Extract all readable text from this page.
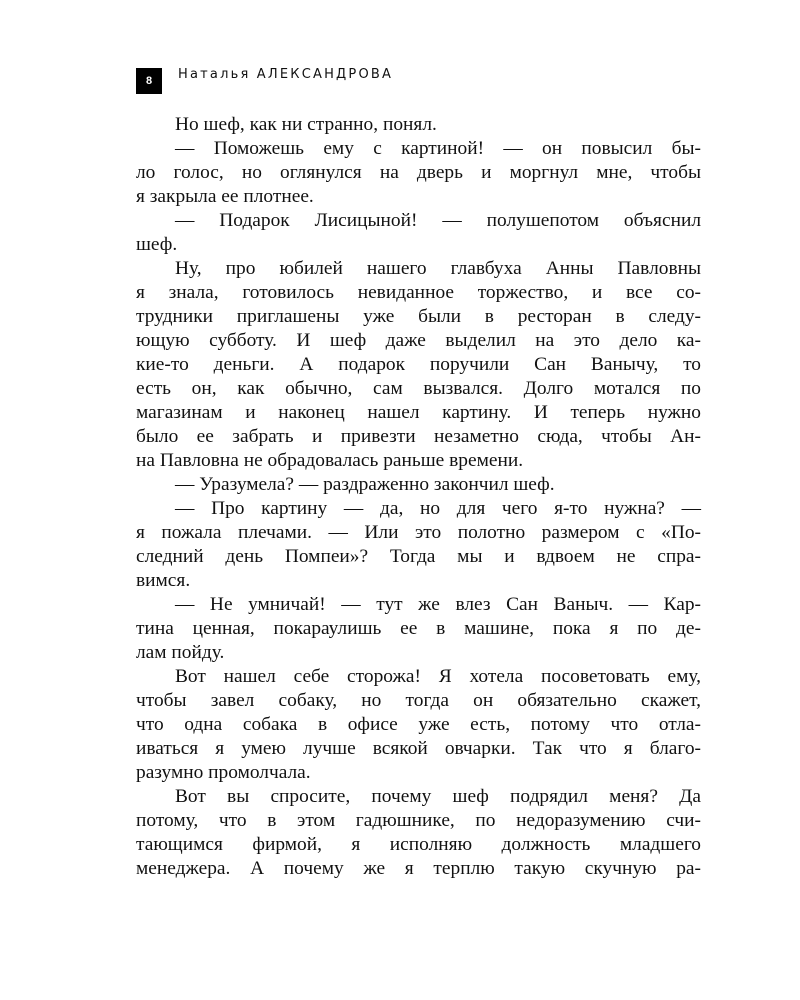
8	Наталья АЛЕКСАНДРОВА
Но шеф, как ни странно, понял.
— Поможешь ему с картиной! — он повысил бы-
ло голос, но оглянулся на дверь и моргнул мне, чтобы
я закрыла ее плотнее.
— Подарок Лисицыной! — полушепотом объяснил
шеф.
Ну, про юбилей нашего главбуха Анны Павловны
я знала, готовилось невиданное торжество, и все со-
трудники приглашены уже были в ресторан в следу-
ющую субботу. И шеф даже выделил на это дело ка-
кие-то деньги. А подарок поручили Сан Ванычу, то
есть он, как обычно, сам вызвался. Долго мотался по
магазинам и наконец нашел картину. И теперь нужно
было ее забрать и привезти незаметно сюда, чтобы Ан-
на Павловна не обрадовалась раньше времени.
— Уразумела? — раздраженно закончил шеф.
— Про картину — да, но для чего я-то нужна? —
я пожала плечами. — Или это полотно размером с «По-
следний день Помпеи»? Тогда мы и вдвоем не спра-
вимся.
— Не умничай! — тут же влез Сан Ваныч. — Кар-
тина ценная, покараулишь ее в машине, пока я по де-
лам пойду.
Вот нашел себе сторожа! Я хотела посоветовать ему,
чтобы завел собаку, но тогда он обязательно скажет,
что одна собака в офисе уже есть, потому что отла-
иваться я умею лучше всякой овчарки. Так что я благо-
разумно промолчала.
Вот вы спросите, почему шеф подрядил меня? Да
потому, что в этом гадюшнике, по недоразумению счи-
тающимся фирмой, я исполняю должность младшего
менеджера. А почему же я терплю такую скучную ра-
